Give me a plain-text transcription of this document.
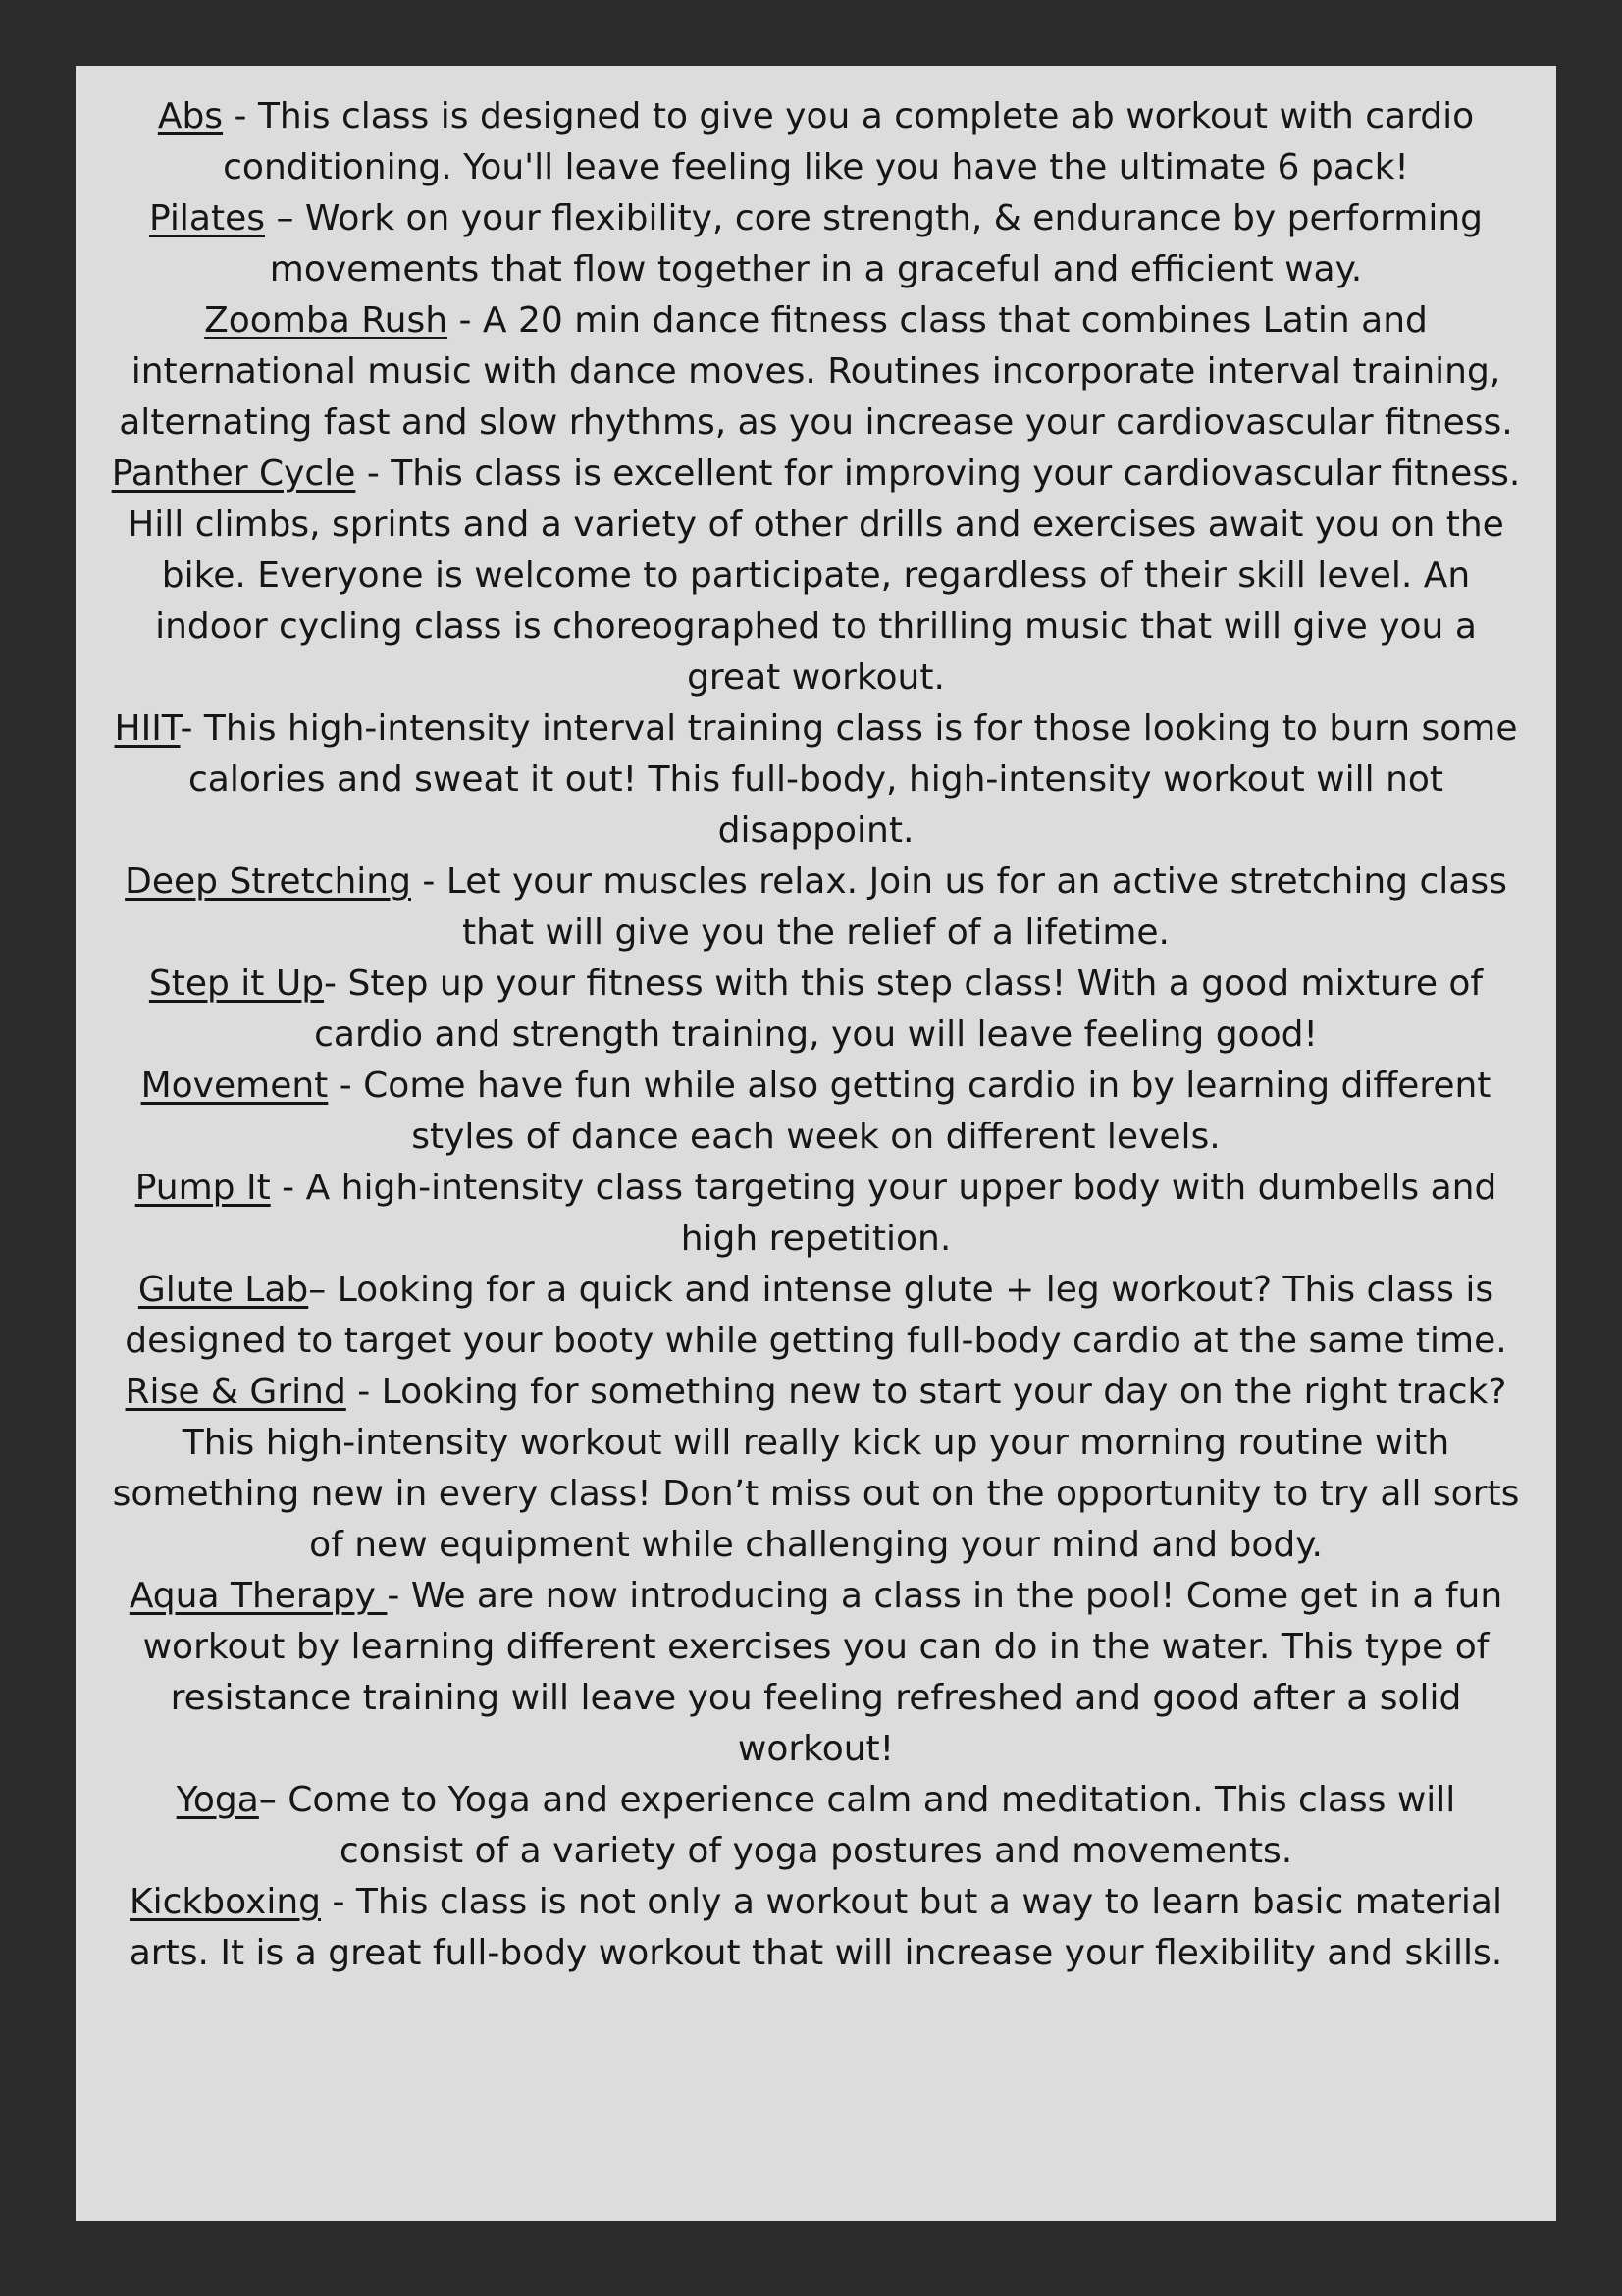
Abs - This class is designed to give you a complete ab workout with cardio conditioning. You'll leave feeling like you have the ultimate 6 pack!

Pilates – Work on your flexibility, core strength, & endurance by performing movements that flow together in a graceful and efficient way.

Zoomba Rush - A 20 min dance fitness class that combines Latin and international music with dance moves. Routines incorporate interval training, alternating fast and slow rhythms, as you increase your cardiovascular fitness.

Panther Cycle - This class is excellent for improving your cardiovascular fitness. Hill climbs, sprints and a variety of other drills and exercises await you on the bike. Everyone is welcome to participate, regardless of their skill level. An indoor cycling class is choreographed to thrilling music that will give you a great workout.

HIIT- This high-intensity interval training class is for those looking to burn some calories and sweat it out! This full-body, high-intensity workout will not disappoint.

Deep Stretching - Let your muscles relax. Join us for an active stretching class that will give you the relief of a lifetime.

Step it Up- Step up your fitness with this step class! With a good mixture of cardio and strength training, you will leave feeling good!

Movement - Come have fun while also getting cardio in by learning different styles of dance each week on different levels.

Pump It - A high-intensity class targeting your upper body with dumbells and high repetition.

Glute Lab– Looking for a quick and intense glute + leg workout? This class is designed to target your booty while getting full-body cardio at the same time.

Rise & Grind - Looking for something new to start your day on the right track? This high-intensity workout will really kick up your morning routine with something new in every class! Don’t miss out on the opportunity to try all sorts of new equipment while challenging your mind and body.

Aqua Therapy - We are now introducing a class in the pool! Come get in a fun workout by learning different exercises you can do in the water. This type of resistance training will leave you feeling refreshed and good after a solid workout!

Yoga– Come to Yoga and experience calm and meditation. This class will consist of a variety of yoga postures and movements.

Kickboxing - This class is not only a workout but a way to learn basic material arts. It is a great full-body workout that will increase your flexibility and skills.
